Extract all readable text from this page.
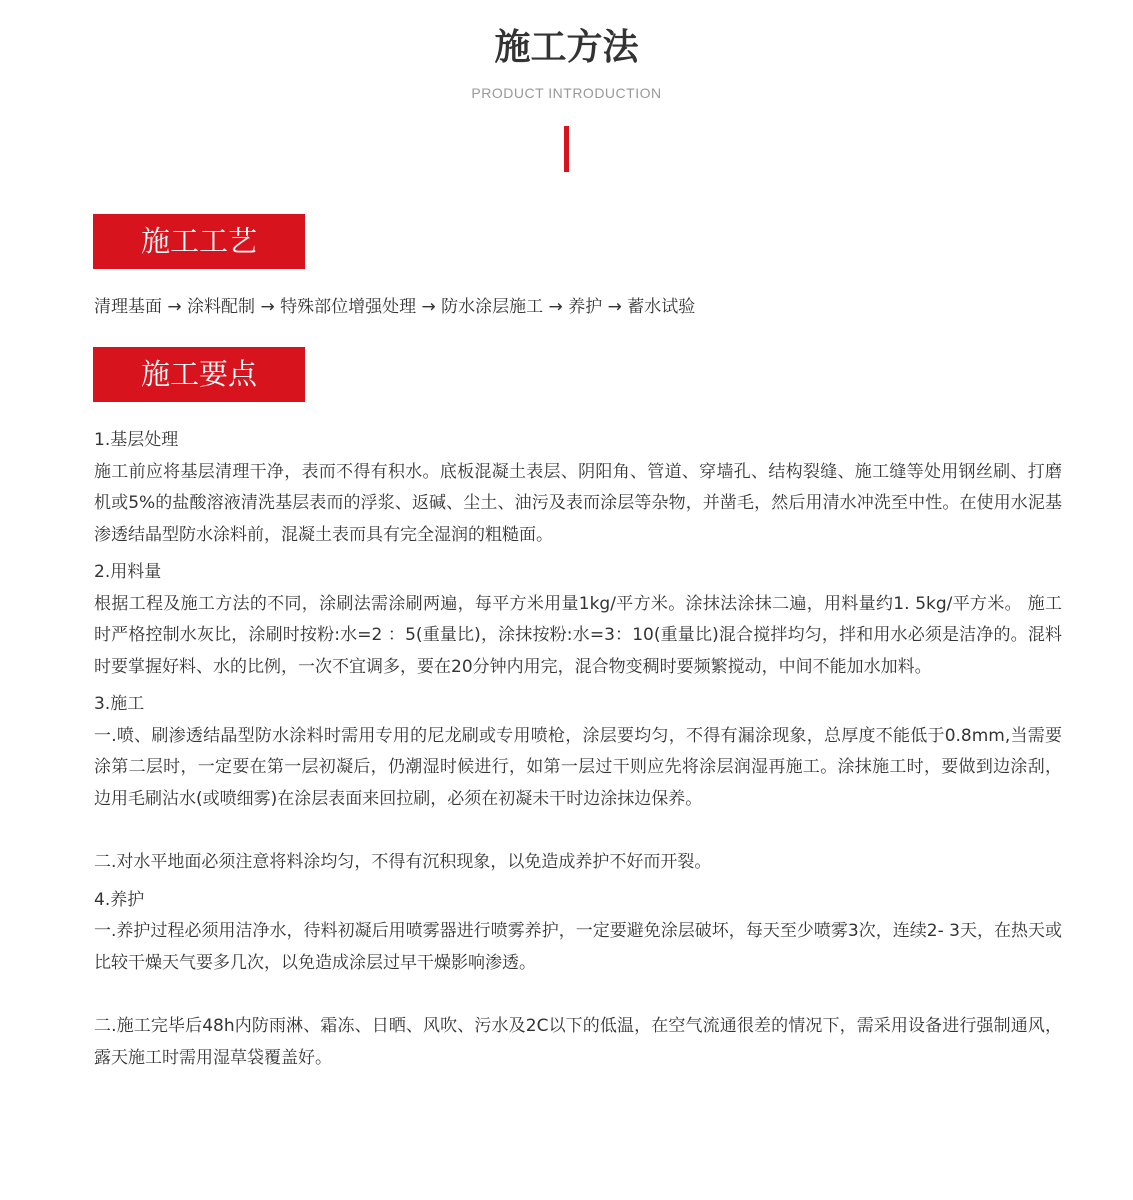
施工方法
PRODUCT INTRODUCTION
施工工艺
清理基面 → 涂料配制 → 特殊部位增强处理 → 防水涂层施工 → 养护 → 蓄水试验
施工要点
1.基层处理

施工前应将基层清理干净，表而不得有积水。底板混凝土表层、阴阳角、管道、穿墙孔、结构裂缝、施工缝等处用钢丝刷、打磨机或5%的盐酸溶液清洗基层表而的浮浆、返碱、尘土、油污及表而涂层等杂物，并凿毛，然后用清水冲洗至中性。在使用水泥基渗透结晶型防水涂料前，混凝土表而具有完全湿润的粗糙面。

2.用料量

根据工程及施工方法的不同，涂刷法需涂刷两遍，每平方米用量1kg/平方米。涂抹法涂抹二遍，用料量约1. 5kg/平方米。 施工时严格控制水灰比，涂刷时按粉:水=2 ：5(重量比)，涂抹按粉:水=3：10(重量比)混合搅拌均匀，拌和用水必须是洁净的。混料时要掌握好料、水的比例，一次不宜调多，要在20分钟内用完，混合物变稠时要频繁搅动，中间不能加水加料。

3.施工

一.喷、刷渗透结晶型防水涂料时需用专用的尼龙刷或专用喷枪，涂层要均匀，不得有漏涂现象，总厚度不能低于0.8mm,当需要涂第二层时，一定要在第一层初凝后，仍潮湿时候进行，如第一层过干则应先将涂层润湿再施工。涂抹施工时，要做到边涂刮，边用毛刷沾水(或喷细雾)在涂层表面来回拉刷，必须在初凝未干时边涂抹边保养。

二.对水平地面必须注意将料涂均匀，不得有沉积现象，以免造成养护不好而开裂。

4.养护

一.养护过程必须用洁净水，待料初凝后用喷雾器进行喷雾养护，一定要避免涂层破坏，每天至少喷雾3次，连续2- 3天，在热天或比较干燥天气要多几次，以免造成涂层过早干燥影响渗透。

二.施工完毕后48h内防雨淋、霜冻、日晒、风吹、污水及2C以下的低温，在空气流通很差的情况下，需采用设备进行强制通风，露天施工时需用湿草袋覆盖好。
